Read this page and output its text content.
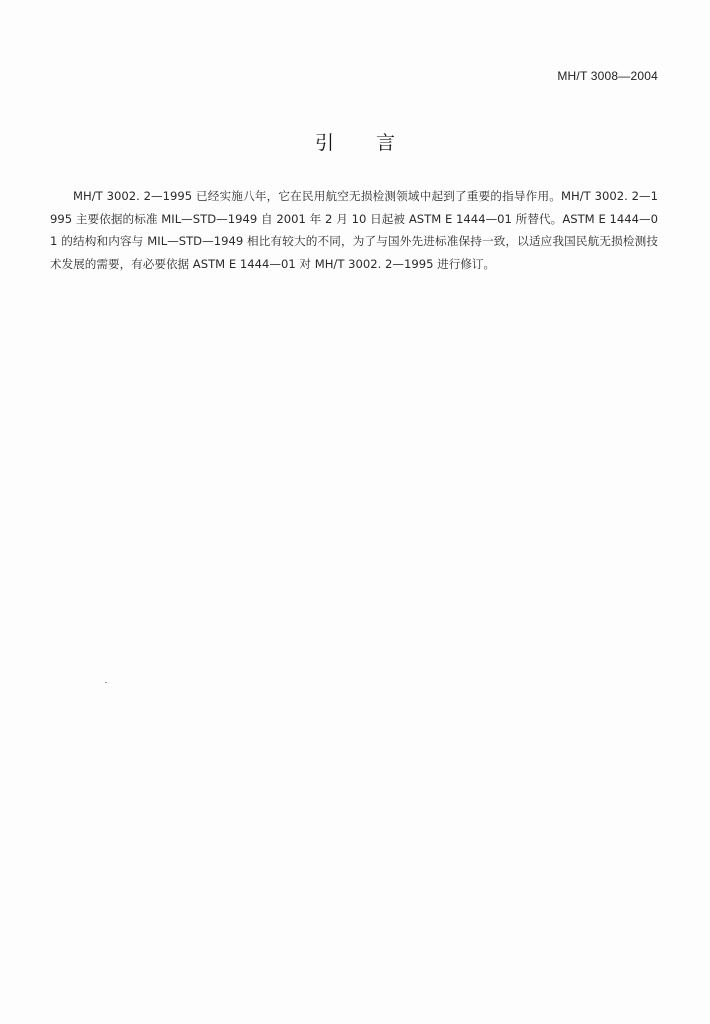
MH/T 3008—2004
引言
MH/T 3002. 2—1995 已经实施八年，它在民用航空无损检测领域中起到了重要的指导作用。MH/T 3002. 2—1995 主要依据的标准 MIL—STD—1949 自 2001 年 2 月 10 日起被 ASTM E 1444—01 所替代。ASTM E 1444—01 的结构和内容与 MIL—STD—1949 相比有较大的不同，为了与国外先进标准保持一致，以适应我国民航无损检测技术发展的需要，有必要依据 ASTM E 1444—01 对 MH/T 3002. 2—1995 进行修订。
